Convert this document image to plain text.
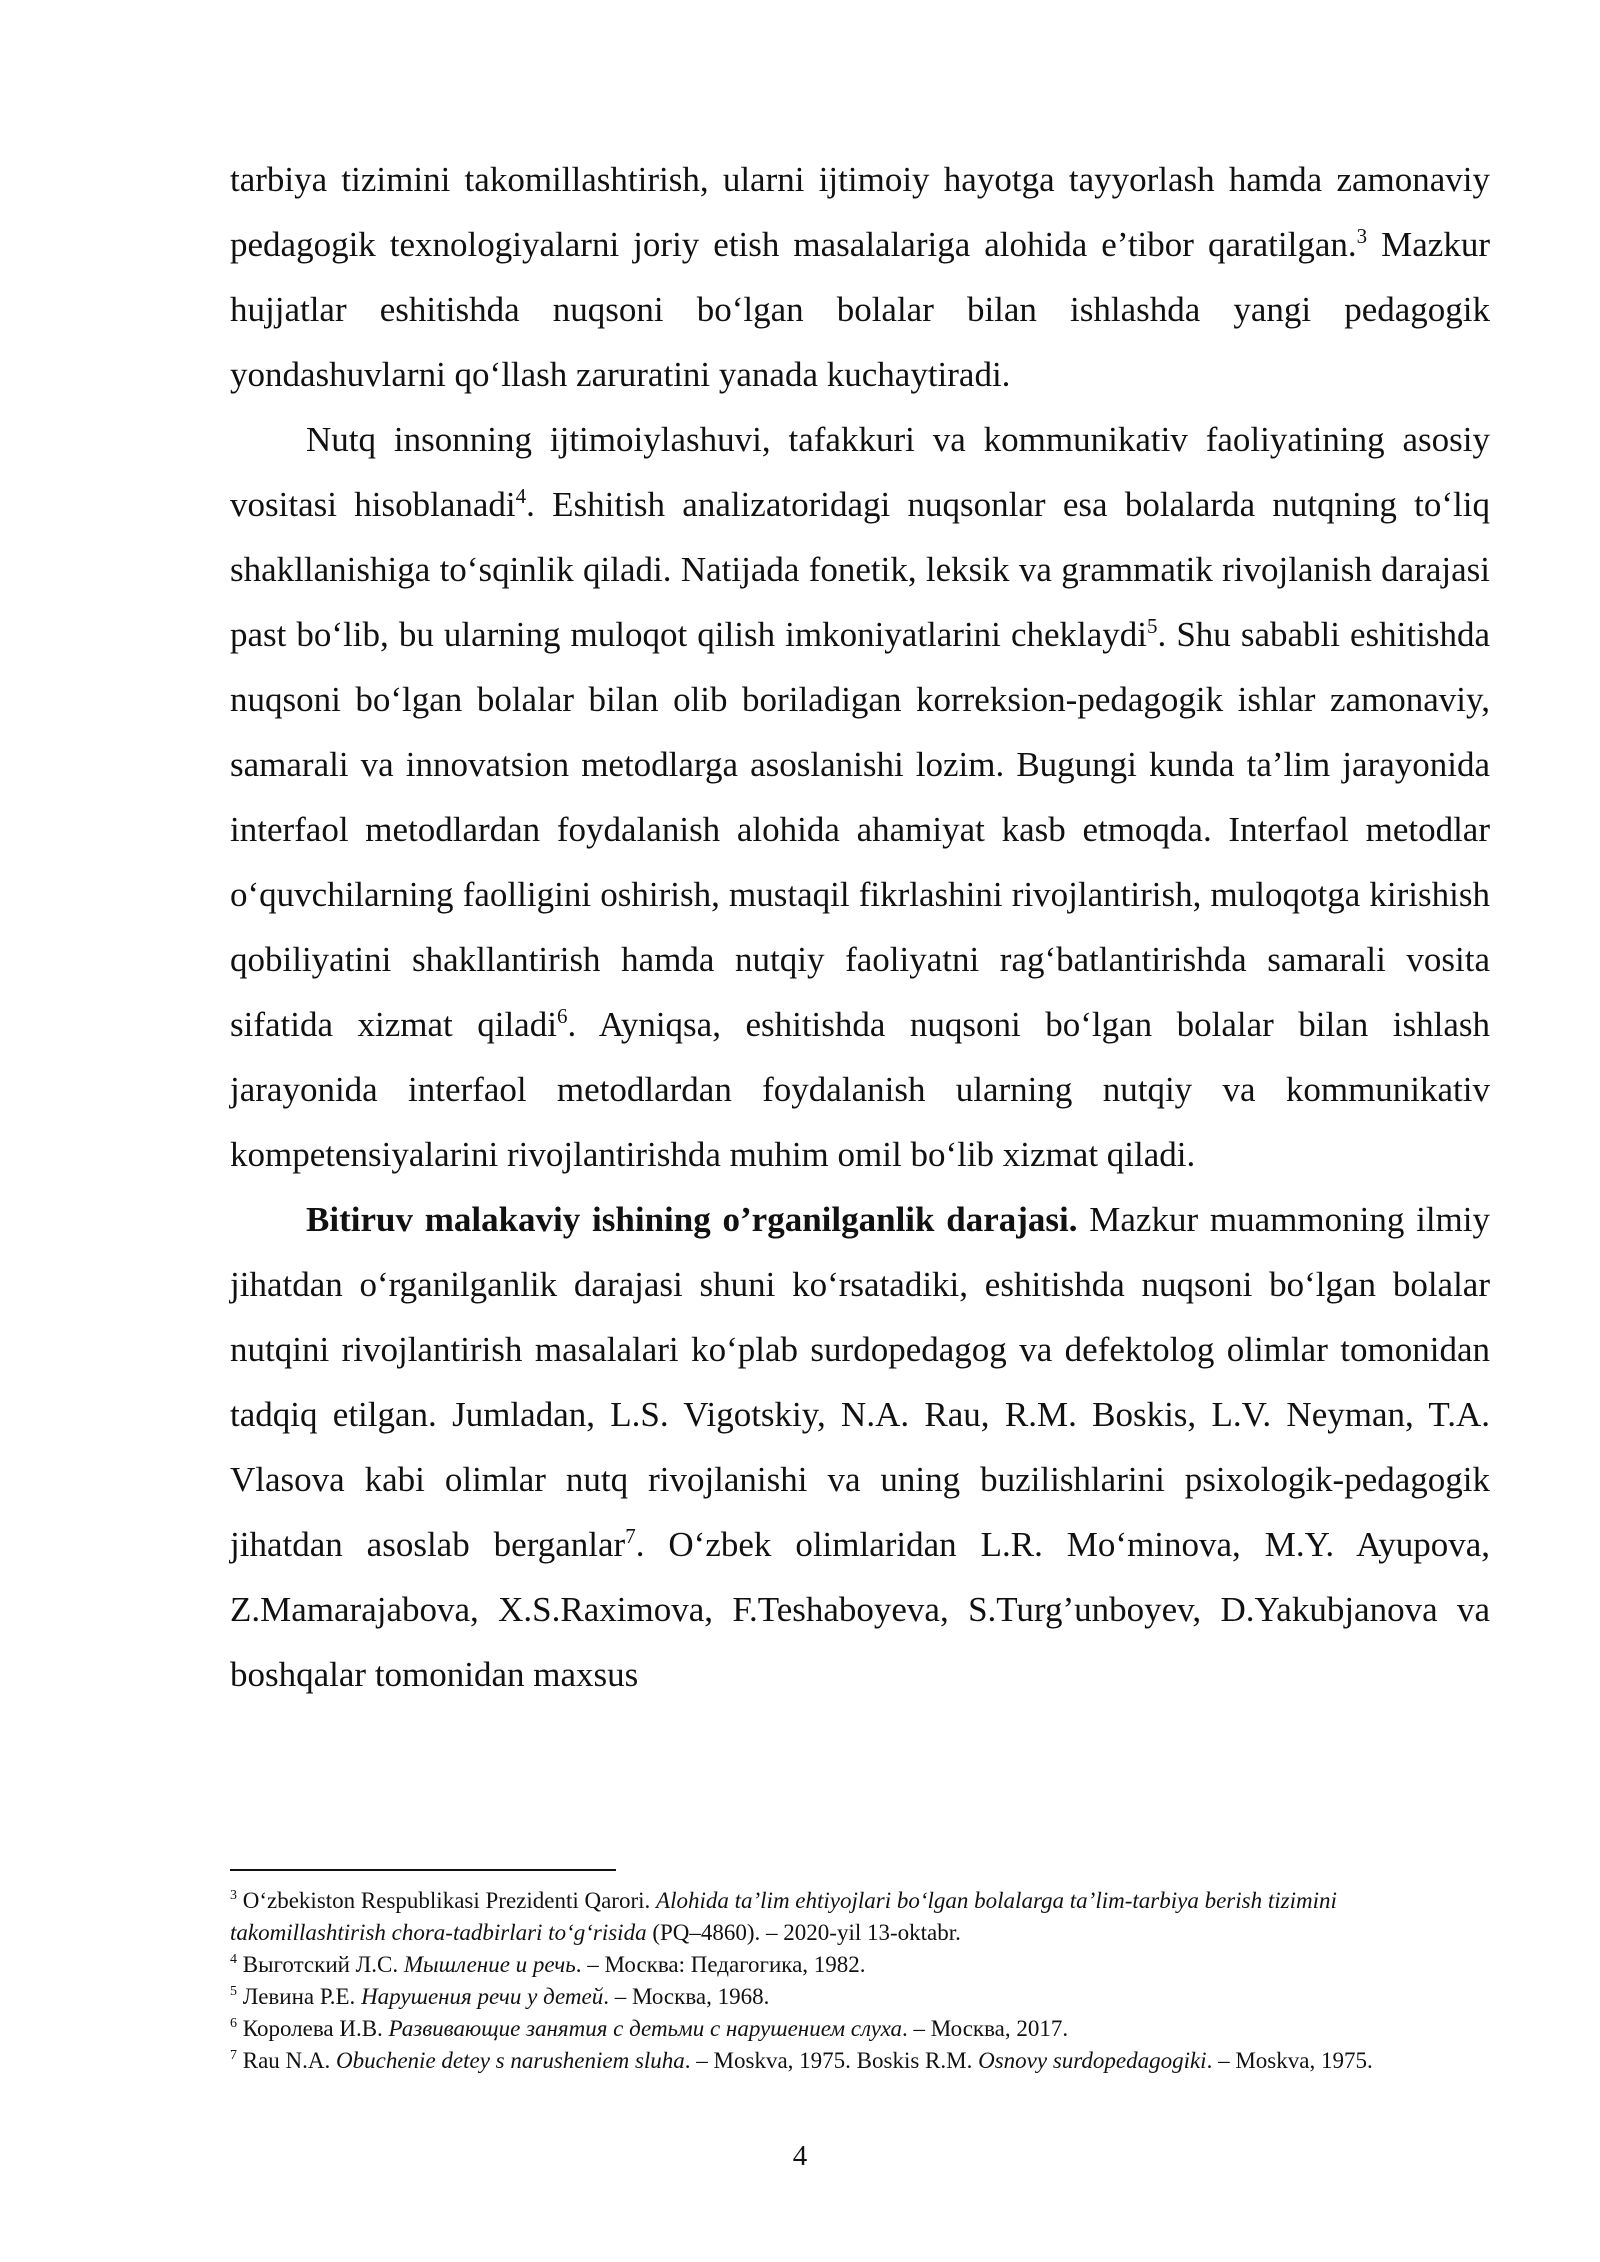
tarbiya tizimini takomillashtirish, ularni ijtimoiy hayotga tayyorlash hamda zamonaviy pedagogik texnologiyalarni joriy etish masalalariga alohida e’tibor qaratilgan.$^3$ Mazkur hujjatlar eshitishda nuqsoni bo‘lgan bolalar bilan ishlashda yangi pedagogik yondashuvlarni qo‘llash zaruratini yanada kuchaytiradi.

Nutq insonning ijtimoiylashuvi, tafakkuri va kommunikativ faoliyatining asosiy vositasi hisoblanadi$^4$. Eshitish analizatoridagi nuqsonlar esa bolalarda nutqning to‘liq shakllanishiga to‘sqinlik qiladi. Natijada fonetik, leksik va grammatik rivojlanish darajasi past bo‘lib, bu ularning muloqot qilish imkoniyatlarini cheklaydi$^5$. Shu sababli eshitishda nuqsoni bo‘lgan bolalar bilan olib boriladigan korreksion-pedagogik ishlar zamonaviy, samarali va innovatsion metodlarga asoslanishi lozim. Bugungi kunda ta’lim jarayonida interfaol metodlardan foydalanish alohida ahamiyat kasb etmoqda. Interfaol metodlar o‘quvchilarning faolligini oshirish, mustaqil fikrlashini rivojlantirish, muloqotga kirishish qobiliyatini shakllantirish hamda nutqiy faoliyatni rag‘batlantirishda samarali vosita sifatida xizmat qiladi$^6$. Ayniqsa, eshitishda nuqsoni bo‘lgan bolalar bilan ishlash jarayonida interfaol metodlardan foydalanish ularning nutqiy va kommunikativ kompetensiyalarini rivojlantirishda muhim omil bo‘lib xizmat qiladi.

Bitiruv malakaviy ishining o’rganilganlik darajasi. Mazkur muammoning ilmiy jihatdan o‘rganilganlik darajasi shuni ko‘rsatadiki, eshitishda nuqsoni bo‘lgan bolalar nutqini rivojlantirish masalalari ko‘plab surdopedagog va defektolog olimlar tomonidan tadqiq etilgan. Jumladan, L.S. Vigotskiy, N.A. Rau, R.M. Boskis, L.V. Neyman, T.A. Vlasova kabi olimlar nutq rivojlanishi va uning buzilishlarini psixologik-pedagogik jihatdan asoslab berganlar$^7$. O‘zbek olimlaridan L.R. Mo‘minova, M.Y. Ayupova, Z.Mamarajabova, X.S.Raximova, F.Teshaboyeva, S.Turg’unboyev, D.Yakubjanova va boshqalar tomonidan maxsus

$^3$ O‘zbekiston Respublikasi Prezidenti Qarori. Alohida ta’lim ehtiyojlari bo‘lgan bolalarga ta’lim-tarbiya berish tizimini takomillashtirish chora-tadbirlari to‘g‘risida (PQ–4860). – 2020-yil 13-oktabr.

$^4$ Выготский Л.С. Мышление и речь. – Москва: Педагогика, 1982.

$^5$ Левина Р.Е. Нарушения речи у детей. – Москва, 1968.

$^6$ Королева И.В. Развивающие занятия с детьми с нарушением слуха. – Москва, 2017.

$^7$ Rau N.A. Obuchenie detey s narusheniem sluha. – Moskva, 1975. Boskis R.M. Osnovy surdopedagogiki. – Moskva, 1975.

4
